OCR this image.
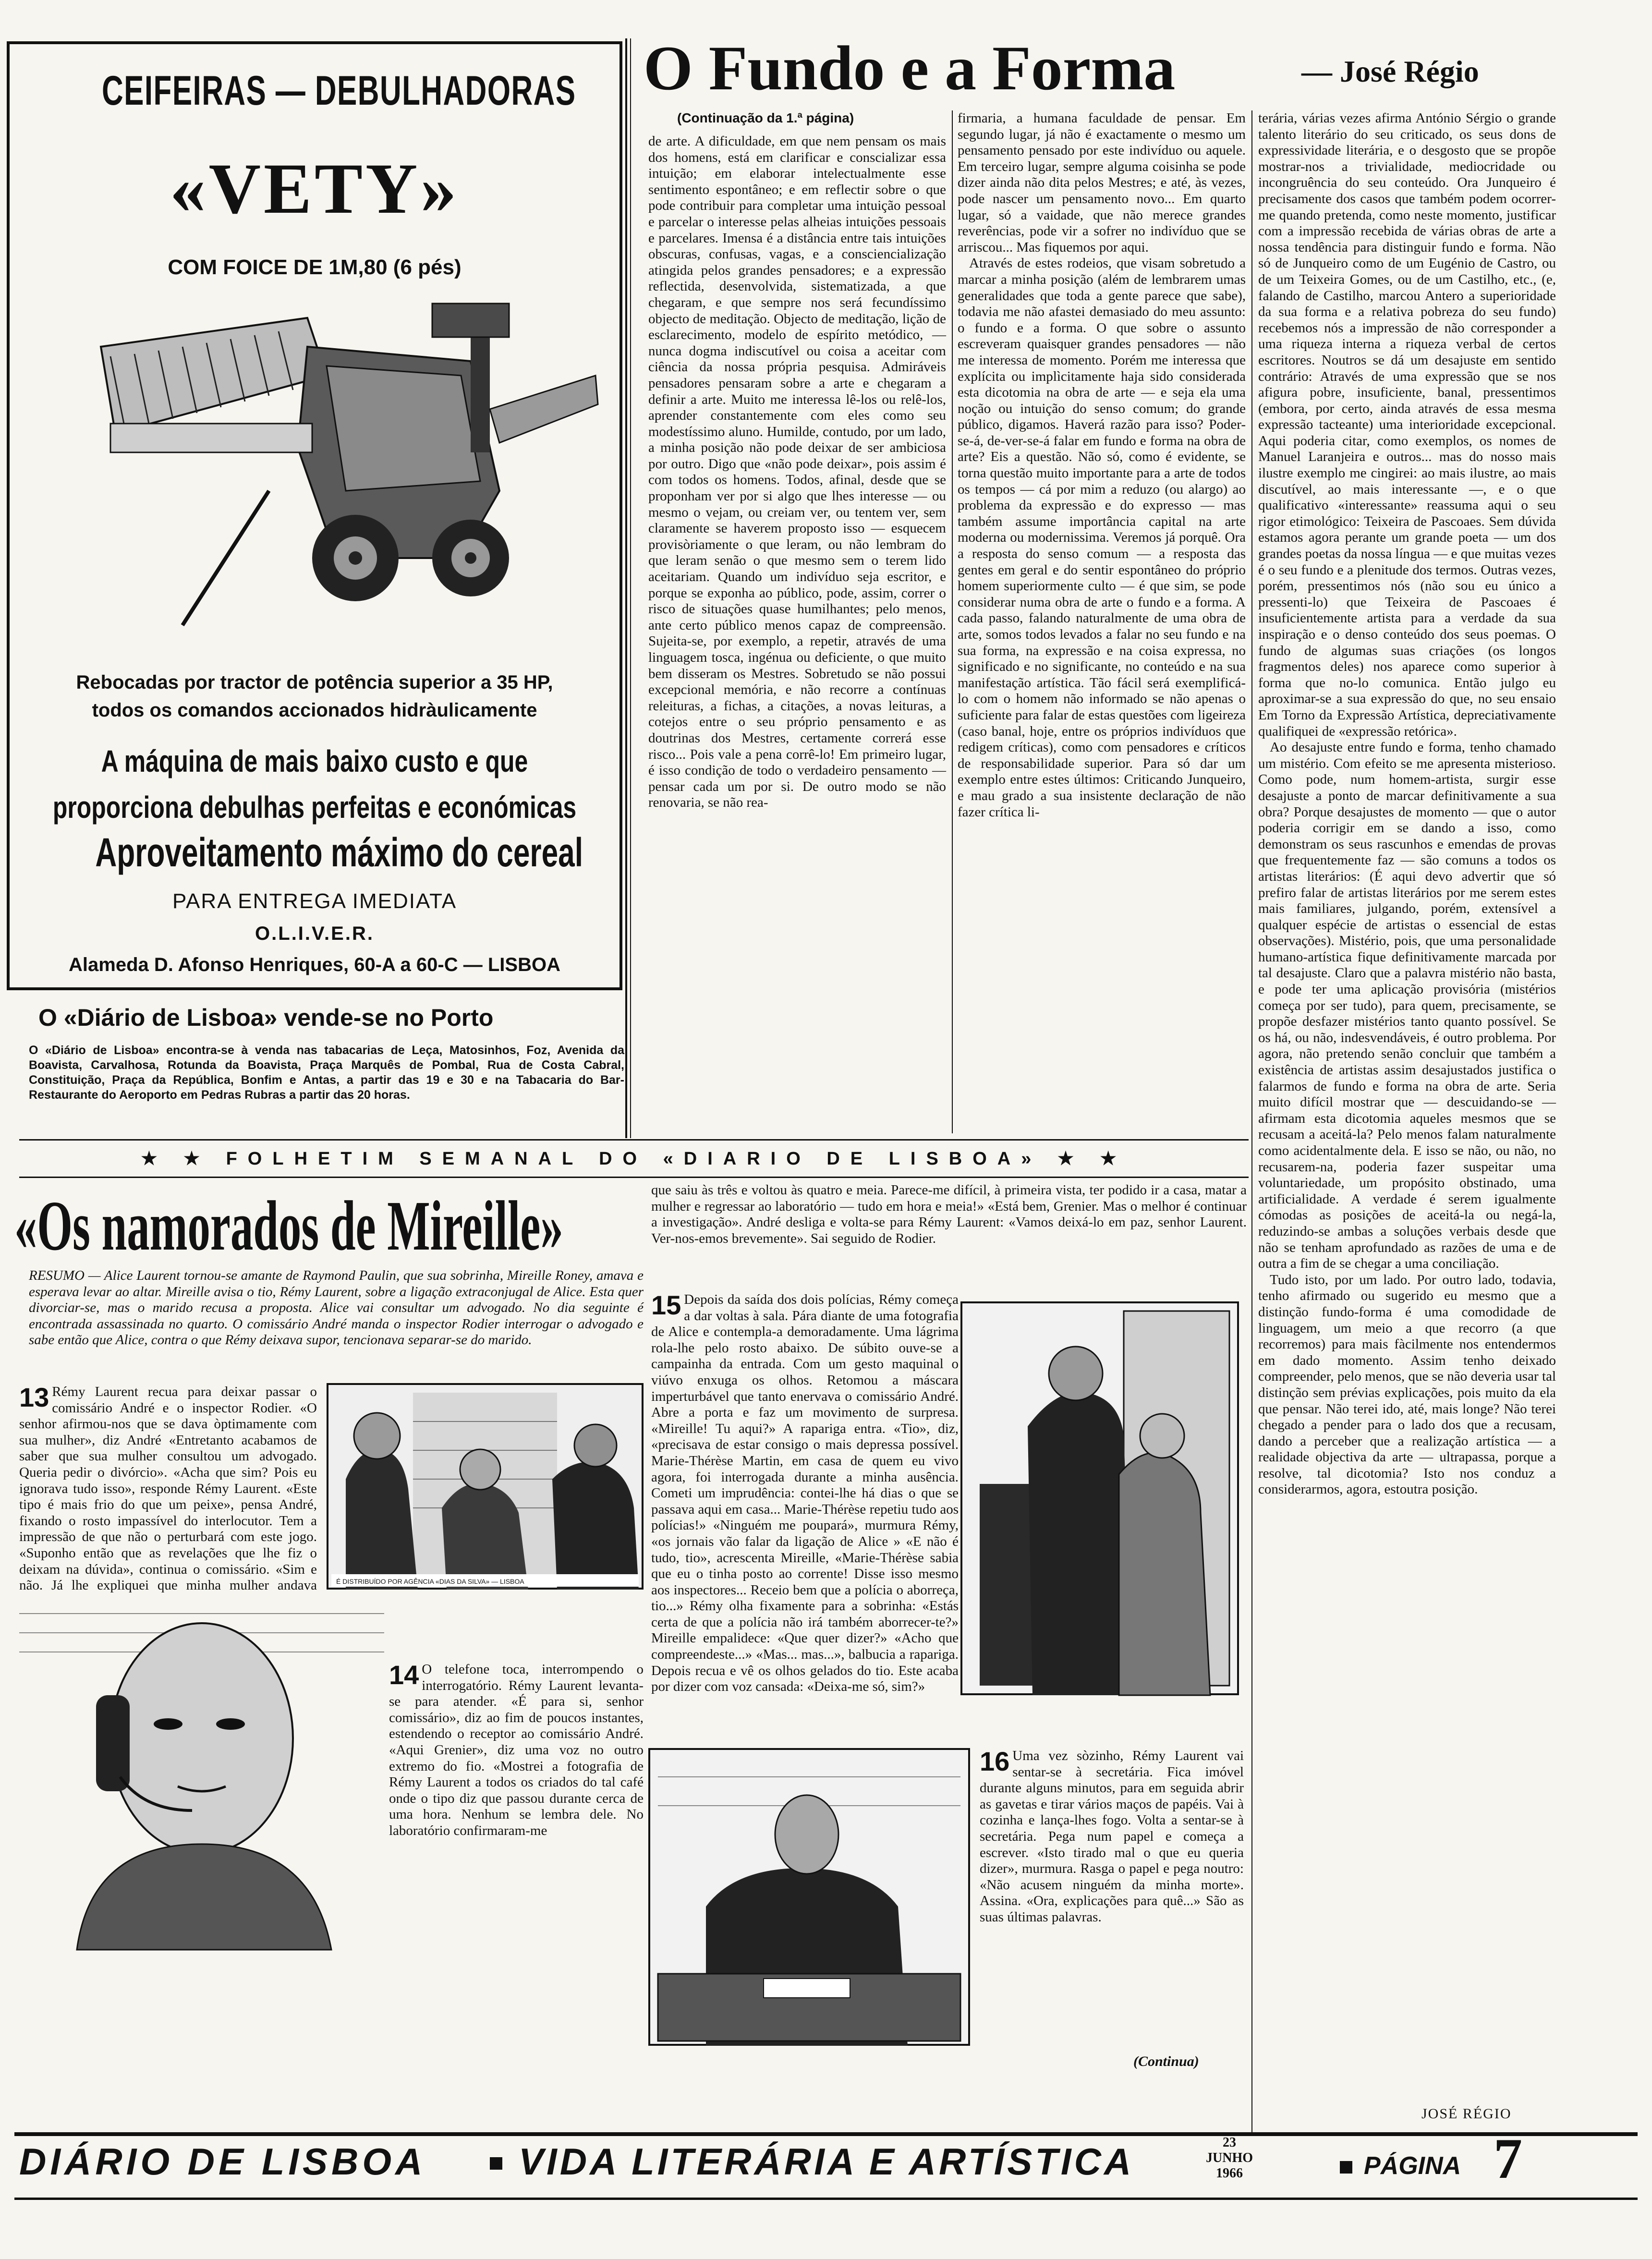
CEIFEIRAS — DEBULHADORAS
«VETY»
COM FOICE DE 1M,80 (6 pés)
Rebocadas por tractor de potência superior a 35 HP, todos os comandos accionados hidràulicamente
A máquina de mais baixo custo e que proporciona debulhas perfeitas e económicas
Aproveitamento máximo do cereal
PARA ENTREGA IMEDIATA
O.L.I.V.E.R.
Alameda D. Afonso Henriques, 60-A a 60-C — LISBOA
O «Diário de Lisboa» vende-se no Porto
O «Diário de Lisboa» encontra-se à venda nas tabacarias de Leça, Matosinhos, Foz, Avenida da Boavista, Carvalhosa, Rotunda da Boavista, Praça Marquês de Pombal, Rua de Costa Cabral, Constituição, Praça da República, Bonfim e Antas, a partir das 19 e 30 e na Tabacaria do Bar-Restaurante do Aeroporto em Pedras Rubras a partir das 20 horas.
O Fundo e a Forma	— José Régio
(Continuação da 1.ª página)

de arte. A dificuldade, em que nem pensam os mais dos homens, está em clarificar e conscializar essa intuição; em elaborar intelectualmente esse sentimento espontâneo; e em reflectir sobre o que pode contribuir para completar uma intuição pessoal e parcelar o interesse pelas alheias intuições pessoais e parcelares. Imensa é a distância entre tais intuições obscuras, confusas, vagas, e a consciencialização atingida pelos grandes pensadores; e a expressão reflectida, desenvolvida, sistematizada, a que chegaram, e que sempre nos será fecundíssimo objecto de meditação. Objecto de meditação, lição de esclarecimento, modelo de espírito metódico, — nunca dogma indiscutível ou coisa a aceitar com ciência da nossa própria pesquisa. Admiráveis pensadores pensaram sobre a arte e chegaram a definir a arte. Muito me interessa lê-los ou relê-los, aprender constantemente com eles como seu modestíssimo aluno. Humilde, contudo, por um lado, a minha posição não pode deixar de ser ambiciosa por outro. Digo que «não pode deixar», pois assim é com todos os homens. Todos, afinal, desde que se proponham ver por si algo que lhes interesse — ou mesmo o vejam, ou creiam ver, ou tentem ver, sem claramente se haverem proposto isso — esquecem provisòriamente o que leram, ou não lembram do que leram senão o que mesmo sem o terem lido aceitariam. Quando um indivíduo seja escritor, e porque se exponha ao público, pode, assim, correr o risco de situações quase humilhantes; pelo menos, ante certo público menos capaz de compreensão. Sujeita-se, por exemplo, a repetir, através de uma linguagem tosca, ingénua ou deficiente, o que muito bem disseram os Mestres. Sobretudo se não possui excepcional memória, e não recorre a contínuas releituras, a fichas, a citações, a novas leituras, a cotejos entre o seu próprio pensamento e as doutrinas dos Mestres, certamente correrá esse risco... Pois vale a pena corrê-lo! Em primeiro lugar, é isso condição de todo o verdadeiro pensamento — pensar cada um por si. De outro modo se não renovaria, se não rea-

firmaria, a humana faculdade de pensar. Em segundo lugar, já não é exactamente o mesmo um pensamento pensado por este indivíduo ou aquele. Em terceiro lugar, sempre alguma coisinha se pode dizer ainda não dita pelos Mestres; e até, às vezes, pode nascer um pensamento novo... Em quarto lugar, só a vaidade, que não merece grandes reverências, pode vir a sofrer no indivíduo que se arriscou... Mas fiquemos por aqui.

Através de estes rodeios, que visam sobretudo a marcar a minha posição (além de lembrarem umas generalidades que toda a gente parece que sabe), todavia me não afastei demasiado do meu assunto: o fundo e a forma. O que sobre o assunto escreveram quaisquer grandes pensadores — não me interessa de momento. Porém me interessa que explícita ou implìcitamente haja sido considerada esta dicotomia na obra de arte — e seja ela uma noção ou intuição do senso comum; do grande público, digamos. Haverá razão para isso? Poder-se-á, de-ver-se-á falar em fundo e forma na obra de arte? Eis a questão. Não só, como é evidente, se torna questão muito importante para a arte de todos os tempos — cá por mim a reduzo (ou alargo) ao problema da expressão e do expresso — mas também assume importância capital na arte moderna ou modernissima. Veremos já porquê. Ora a resposta do senso comum — a resposta das gentes em geral e do sentir espontâneo do próprio homem superiormente culto — é que sim, se pode considerar numa obra de arte o fundo e a forma. A cada passo, falando naturalmente de uma obra de arte, somos todos levados a falar no seu fundo e na sua forma, na expressão e na coisa expressa, no significado e no significante, no conteúdo e na sua manifestação artística. Tão fácil será exemplificá-lo com o homem não informado se não apenas o suficiente para falar de estas questões com ligeireza (caso banal, hoje, entre os próprios indivíduos que redigem críticas), como com pensadores e críticos de responsabilidade superior. Para só dar um exemplo entre estes últimos: Criticando Junqueiro, e mau grado a sua insistente declaração de não fazer crítica li-

terária, várias vezes afirma António Sérgio o grande talento literário do seu criticado, os seus dons de expressividade literária, e o desgosto que se propõe mostrar-nos a trivialidade, mediocridade ou incongruência do seu conteúdo. Ora Junqueiro é precisamente dos casos que também podem ocorrer-me quando pretenda, como neste momento, justificar com a impressão recebida de várias obras de arte a nossa tendência para distinguir fundo e forma. Não só de Junqueiro como de um Eugénio de Castro, ou de um Teixeira Gomes, ou de um Castilho, etc., (e, falando de Castilho, marcou Antero a superioridade da sua forma e a relativa pobreza do seu fundo) recebemos nós a impressão de não corresponder a uma riqueza interna a riqueza verbal de certos escritores. Noutros se dá um desajuste em sentido contrário: Através de uma expressão que se nos afigura pobre, insuficiente, banal, pressentimos (embora, por certo, ainda através de essa mesma expressão tacteante) uma interioridade excepcional. Aqui poderia citar, como exemplos, os nomes de Manuel Laranjeira e outros... mas do nosso mais ilustre exemplo me cingirei: ao mais ilustre, ao mais discutível, ao mais interessante —, e o que qualificativo «interessante» reassuma aqui o seu rigor etimológico: Teixeira de Pascoaes. Sem dúvida estamos agora perante um grande poeta — um dos grandes poetas da nossa língua — e que muitas vezes é o seu fundo e a plenitude dos termos. Outras vezes, porém, pressentimos nós (não sou eu único a pressenti-lo) que Teixeira de Pascoaes é insuficientemente artista para a verdade da sua inspiração e o denso conteúdo dos seus poemas. O fundo de algumas suas criações (os longos fragmentos deles) nos aparece como superior à forma que no-lo comunica. Então julgo eu aproximar-se a sua expressão do que, no seu ensaio Em Torno da Expressão Artística, depreciativamente qualifiquei de «expressão retórica».

Ao desajuste entre fundo e forma, tenho chamado um mistério. Com efeito se me apresenta misterioso. Como pode, num homem-artista, surgir esse desajuste a ponto de marcar definitivamente a sua obra? Porque desajustes de momento — que o autor poderia corrigir em se dando a isso, como demonstram os seus rascunhos e emendas de provas que frequentemente faz — são comuns a todos os artistas literários: (É aqui devo advertir que só prefiro falar de artistas literários por me serem estes mais familiares, julgando, porém, extensível a qualquer espécie de artistas o essencial de estas observações). Mistério, pois, que uma personalidade humano-artística fique definitivamente marcada por tal desajuste. Claro que a palavra mistério não basta, e pode ter uma aplicação provisória (mistérios começa por ser tudo), para quem, precisamente, se propõe desfazer mistérios tanto quanto possível. Se os há, ou não, indesvendáveis, é outro problema. Por agora, não pretendo senão concluir que também a existência de artistas assim desajustados justifica o falarmos de fundo e forma na obra de arte. Seria muito difícil mostrar que — descuidando-se — afirmam esta dicotomia aqueles mesmos que se recusam a aceitá-la? Pelo menos falam naturalmente como acidentalmente dela. E isso se não, ou não, no recusarem-na, poderia fazer suspeitar uma voluntariedade, um propósito obstinado, uma artificialidade. A verdade é serem igualmente cómodas as posições de aceitá-la ou negá-la, reduzindo-se ambas a soluções verbais desde que não se tenham aprofundado as razões de uma e de outra a fim de se chegar a uma conciliação.

Tudo isto, por um lado. Por outro lado, todavia, tenho afirmado ou sugerido eu mesmo que a distinção fundo-forma é uma comodidade de linguagem, um meio a que recorro (a que recorremos) para mais fàcilmente nos entendermos em dado momento. Assim tenho deixado compreender, pelo menos, que se não deveria usar tal distinção sem prévias explicações, pois muito da ela que pensar. Não terei ido, até, mais longe? Não terei chegado a pender para o lado dos que a recusam, dando a perceber que a realização artística — a realidade objectiva da arte — ultrapassa, porque a resolve, tal dicotomia? Isto nos conduz a considerarmos, agora, estoutra posição.

JOSÉ RÉGIO
★ ★ FOLHETIM SEMANAL DO «DIARIO DE LISBOA» ★ ★
«Os namorados de Mireille»	que saiu às três e voltou às quatro e meia. Parece-me difícil, à primeira vista, ter podido ir a casa, matar a mulher e regressar ao laboratório — tudo em hora e meia!» «Está bem, Grenier. Mas o melhor é continuar a investigação». André desliga e volta-se para Rémy Laurent: «Vamos deixá-lo em paz, senhor Laurent. Ver-nos-emos brevemente». Sai seguido de Rodier.
RESUMO — Alice Laurent tornou-se amante de Raymond Paulin, que sua sobrinha, Mireille Roney, amava e esperava levar ao altar. Mireille avisa o tio, Rémy Laurent, sobre a ligação extraconjugal de Alice. Esta quer divorciar-se, mas o marido recusa a proposta. Alice vai consultar um advogado. No dia seguinte é encontrada assassinada no quarto. O comissário André manda o inspector Rodier interrogar o advogado e sabe então que Alice, contra o que Rémy deixava supor, tencionava separar-se do marido.
13 Rémy Laurent recua para deixar passar o comissário André e o inspector Rodier. «O senhor afirmou-nos que se dava òptimamente com sua mulher», diz André «Entretanto acabamos de saber que sua mulher consultou um advogado. Queria pedir o divórcio». «Acha que sim? Pois eu ignorava tudo isso», responde Rémy Laurent. «Este tipo é mais frio do que um peixe», pensa André, fixando o rosto impassível do interlocutor. Tem a impressão de que não o perturbará com este jogo. «Suponho então que as revelações que lhe fiz o deixam na dúvida», continua o comissário. «Sim e não. Já lhe expliquei que minha mulher andava	É DISTRIBUÍDO POR AGÊNCIA «DIAS DA SILVA» — LISBOA
14 O telefone toca, interrompendo o interrogatório. Rémy Laurent levanta-se para atender. «É para si, senhor comissário», diz ao fim de poucos instantes, estendendo o receptor ao comissário André. «Aqui Grenier», diz uma voz no outro extremo do fio. «Mostrei a fotografia de Rémy Laurent a todos os criados do tal café onde o tipo diz que passou durante cerca de uma hora. Nenhum se lembra dele. No laboratório confirmaram-me
15 Depois da saída dos dois polícias, Rémy começa a dar voltas à sala. Pára diante de uma fotografia de Alice e contempla-a demoradamente. Uma lágrima rola-lhe pelo rosto abaixo. De súbito ouve-se a campainha da entrada. Com um gesto maquinal o viúvo enxuga os olhos. Retomou a máscara imperturbável que tanto enervava o comissário André. Abre a porta e faz um movimento de surpresa. «Mireille! Tu aqui?» A rapariga entra. «Tio», diz, «precisava de estar consigo o mais depressa possível. Marie-Thérèse Martin, em casa de quem eu vivo agora, foi interrogada durante a minha ausência. Cometi um imprudência: contei-lhe há dias o que se passava aqui em casa... Marie-Thérèse repetiu tudo aos polícias!» «Ninguém me poupará», murmura Rémy, «os jornais vão falar da ligação de Alice » «E não é tudo, tio», acrescenta Mireille, «Marie-Thérèse sabia que eu o tinha posto ao corrente! Disse isso mesmo aos inspectores... Receio bem que a polícia o aborreça, tio...» Rémy olha fixamente para a sobrinha: «Estás certa de que a polícia não irá também aborrecer-te?» Mireille empalidece: «Que quer dizer?» «Acho que compreendeste...» «Mas... mas...», balbucia a rapariga. Depois recua e vê os olhos gelados do tio. Este acaba por dizer com voz cansada: «Deixa-me só, sim?»
16 Uma vez sòzinho, Rémy Laurent vai sentar-se à secretária. Fica imóvel durante alguns minutos, para em seguida abrir as gavetas e tirar vários maços de papéis. Vai à cozinha e lança-lhes fogo. Volta a sentar-se à secretária. Pega num papel e começa a escrever. «Isto tirado mal o que eu queria dizer», murmura. Rasga o papel e pega noutro: «Não acusem ninguém da minha morte». Assina. «Ora, explicações para quê...» São as suas últimas palavras.
(Continua)
DIÁRIO DE LISBOA VIDA LITERÁRIA E ARTÍSTICA	23
JUNHO
1966	PÁGINA 7
